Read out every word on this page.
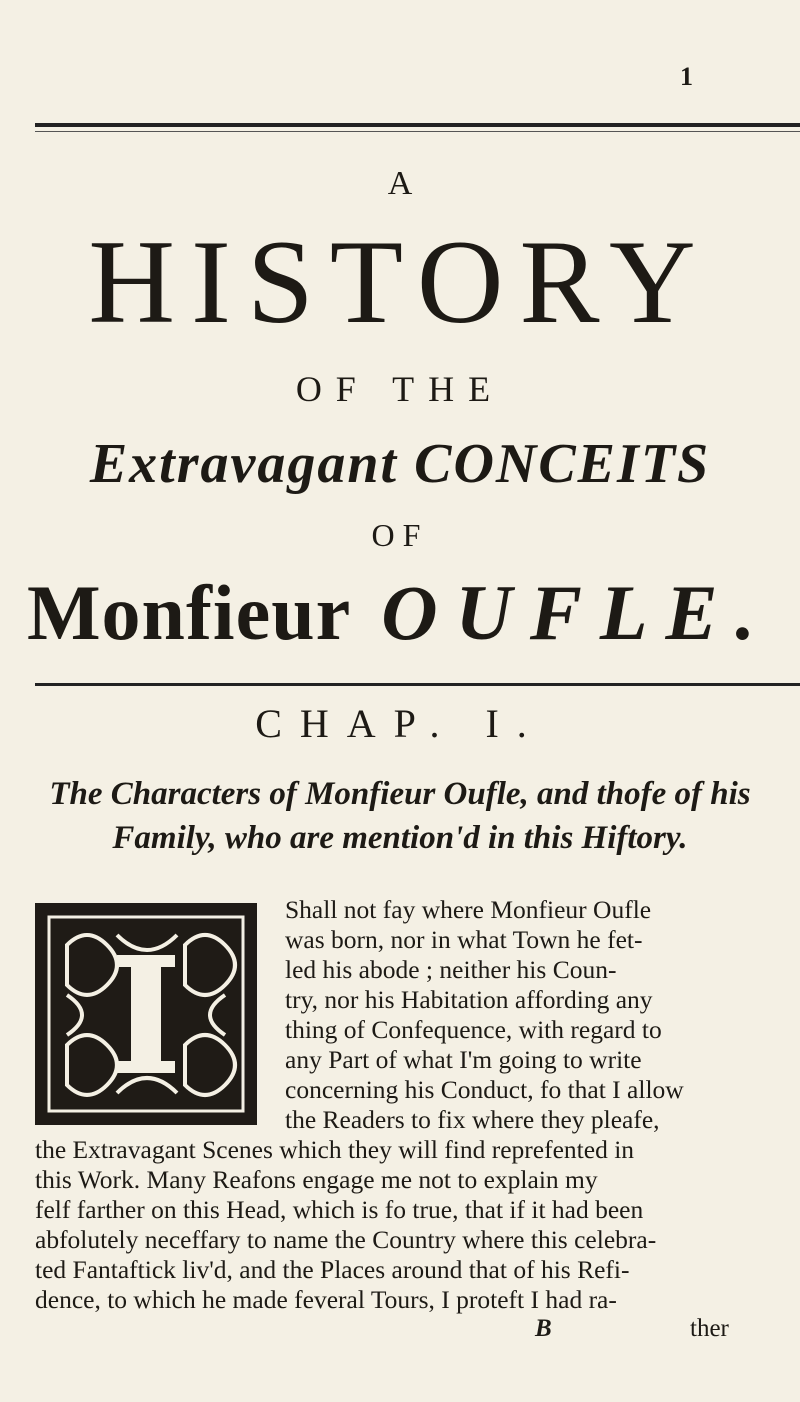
1
A
HISTORY
OF THE
Extravagant CONCEITS
OF
Monfieur OUFLE.
CHAP. I.
The Characters of Monfieur Oufle, and thofe of his
Family, who are mention'd in this Hiftory.
Shall not fay where Monfieur Oufle
was born, nor in what Town he fet-
led his abode ; neither his Coun-
try, nor his Habitation affording any
thing of Confequence, with regard to
any Part of what I'm going to write
concerning his Conduct, fo that I allow
the Readers to fix where they pleafe,
the Extravagant Scenes which they will find reprefented in
this Work. Many Reafons engage me not to explain my
felf farther on this Head, which is fo true, that if it had been
abfolutely neceffary to name the Country where this celebra-
ted Fantaftick liv'd, and the Places around that of his Refi-
dence, to which he made feveral Tours, I proteft I had ra-
B	ther
